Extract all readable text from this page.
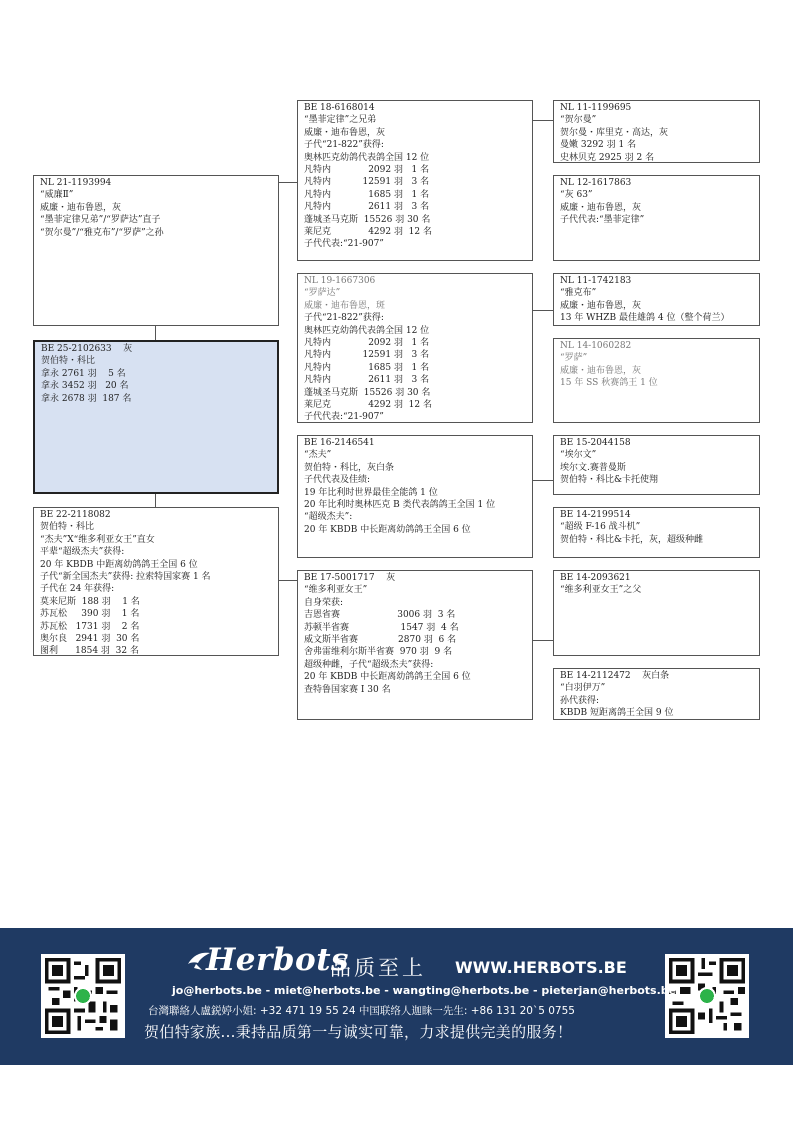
BE 25-2102633    灰
贺伯特・科比
拿永 2761 羽    5 名
拿永 3452 羽   20 名
拿永 2678 羽  187 名
NL 21-1193994
“威廉Ⅱ”
威廉・迪布鲁恩，灰
“墨菲定律兄弟”/“罗萨达”直子
“贺尔曼”/“雅克布”/“罗萨”之孙
BE 22-2118082
贺伯特・科比
“杰夫”X“维多利亚女王”直女
平辈“超级杰夫”获得:
20 年 KBDB 中距离幼鸽鸽王全国 6 位
子代“新全国杰夫”获得: 拉索特国家赛 1 名
子代在 24 年获得:
莫来尼斯  188 羽    1 名
苏瓦松     390 羽    1 名
苏瓦松   1731 羽    2 名
奥尔良   2941 羽  30 名
图利      1854 羽  32 名
BE 18-6168014
“墨菲定律”之兄弟
威廉・迪布鲁恩，灰
子代“21-822”获得:
奥林匹克幼鸽代表鸽全国 12 位
凡特内             2092 羽   1 名
凡特内           12591 羽   3 名
凡特内             1685 羽   1 名
凡特内             2611 羽   3 名
蓬城圣马克斯  15526 羽 30 名
莱尼克             4292 羽  12 名
子代代表:“21-907”
NL 19-1667306
“罗萨达”
威廉・迪布鲁恩，斑
子代“21-822”获得:
奥林匹克幼鸽代表鸽全国 12 位
凡特内             2092 羽   1 名
凡特内           12591 羽   3 名
凡特内             1685 羽   1 名
凡特内             2611 羽   3 名
蓬城圣马克斯  15526 羽 30 名
莱尼克             4292 羽  12 名
子代代表:“21-907”
BE 16-2146541
“杰夫”
贺伯特・科比，灰白条
子代代表及佳绩:
19 年比利时世界最佳全能鸽 1 位
20 年比利时奥林匹克 B 类代表鸽鸽王全国 1 位
“超级杰夫”:
20 年 KBDB 中长距离幼鸽鸽王全国 6 位
BE 17-5001717    灰
“维多利亚女王”
自身荣获:
吉恩省赛                    3006 羽  3 名
苏顿半省赛                  1547 羽  4 名
威文斯半省赛              2870 羽  6 名
舍弗雷维利尔斯半省赛  970 羽  9 名
超级种雌，子代“超级杰夫”获得:
20 年 KBDB 中长距离幼鸽鸽王全国 6 位
查特鲁国家赛 I 30 名
NL 11-1199695
“贺尔曼”
贺尔曼・库里克・高达，灰
曼嫩 3292 羽 1 名
史林贝克 2925 羽 2 名
NL 12-1617863
“灰 63”
威廉・迪布鲁恩，灰
子代代表:“墨菲定律”
NL 11-1742183
“雅克布”
威廉・迪布鲁恩，灰
13 年 WHZB 最佳雄鸽 4 位（整个荷兰）
NL 14-1060282
“罗萨”
威廉・迪布鲁恩，灰
15 年 SS 秋赛鸽王 1 位
BE 15-2044158
“埃尔文”
埃尔文.赛普曼斯
贺伯特・科比&卡托使翔
BE 14-2199514
“超级 F-16 战斗机”
贺伯特・科比&卡托，灰，超级种雌
BE 14-2093621
“维多利亚女王”之父
BE 14-2112472    灰白条
“白羽伊万”
孙代获得:
KBDB 短距离鸽王全国 9 位
Herbots
品质至上 WWW.HERBOTS.BE
jo@herbots.be - miet@herbots.be - wangting@herbots.be - pieterjan@herbots.be
台灣聯絡人盧鋭婷小姐: +32 471 19 55 24 中国联络人迦睐一先生: +86 131 20`5 0755
贺伯特家族...秉持品质第一与诚实可靠，力求提供完美的服务！
